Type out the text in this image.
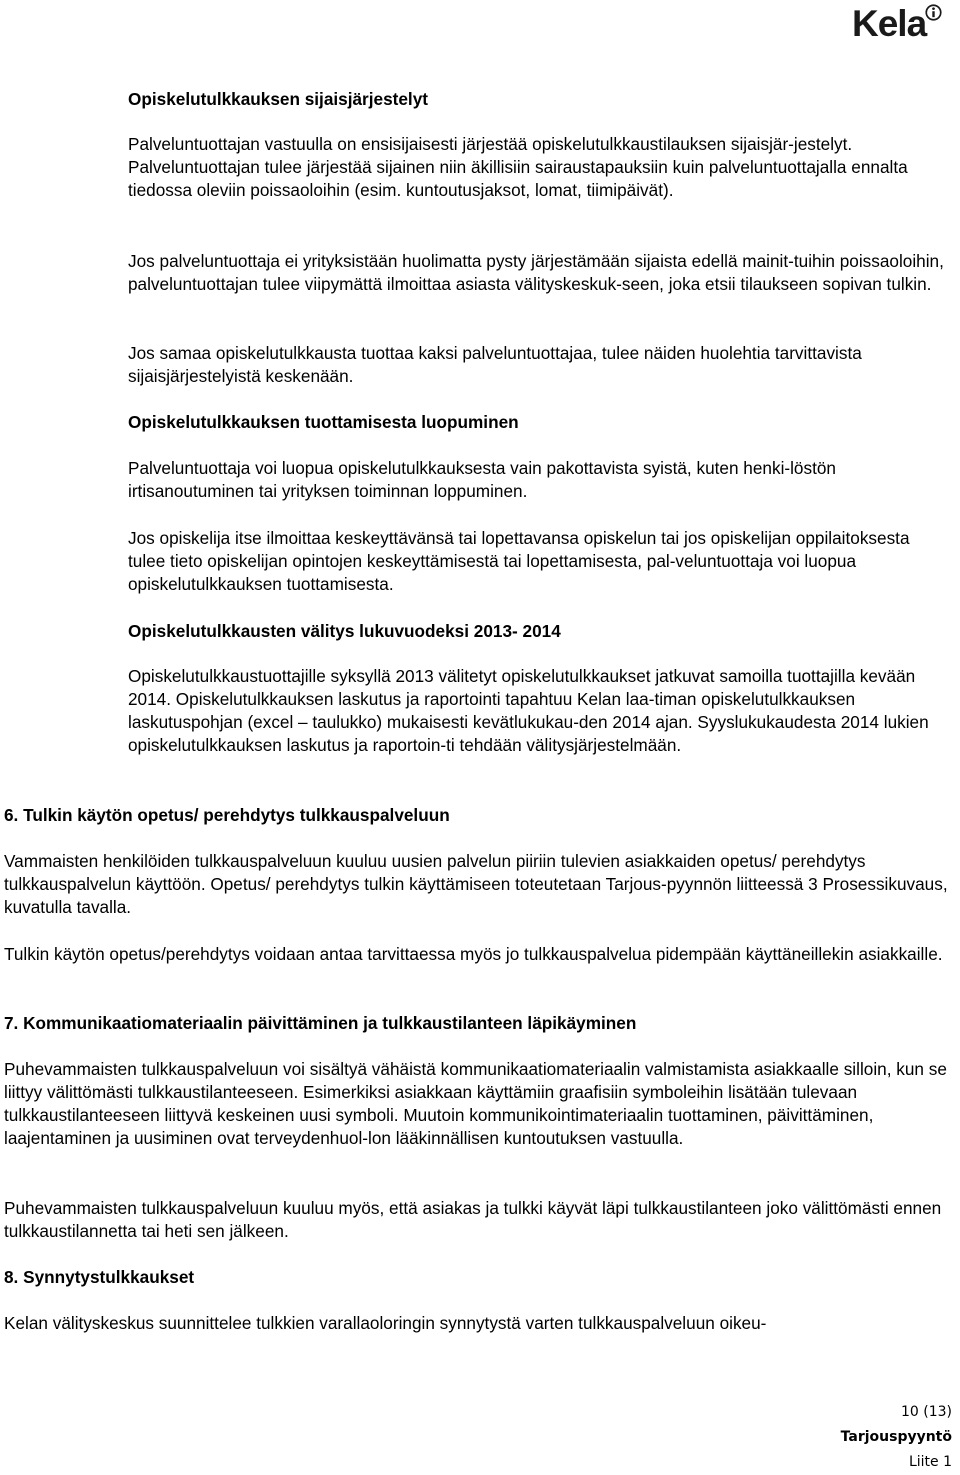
Kela
Opiskelutulkkauksen sijaisjärjestelyt

Palveluntuottajan vastuulla on ensisijaisesti järjestää opiskelutulkkaustilauksen sijaisjär-jestelyt. Palveluntuottajan tulee järjestää sijainen niin äkillisiin sairaustapauksiin kuin palveluntuottajalla ennalta tiedossa oleviin poissaoloihin (esim. kuntoutusjaksot, lomat, tiimipäivät).

Jos palveluntuottaja ei yrityksistään huolimatta pysty järjestämään sijaista edellä mainit-tuihin poissaoloihin, palveluntuottajan tulee viipymättä ilmoittaa asiasta välityskeskuk-seen, joka etsii tilaukseen sopivan tulkin.

Jos samaa opiskelutulkkausta tuottaa kaksi palveluntuottajaa, tulee näiden huolehtia tarvittavista sijaisjärjestelyistä keskenään.

Opiskelutulkkauksen tuottamisesta luopuminen

Palveluntuottaja voi luopua opiskelutulkkauksesta vain pakottavista syistä, kuten henki-löstön irtisanoutuminen tai yrityksen toiminnan loppuminen.

Jos opiskelija itse ilmoittaa keskeyttävänsä tai lopettavansa opiskelun tai jos opiskelijan oppilaitoksesta tulee tieto opiskelijan opintojen keskeyttämisestä tai lopettamisesta, pal-veluntuottaja voi luopua opiskelutulkkauksen tuottamisesta.

Opiskelutulkkausten välitys lukuvuodeksi 2013- 2014

Opiskelutulkkaustuottajille syksyllä 2013 välitetyt opiskelutulkkaukset jatkuvat samoilla tuottajilla kevään 2014. Opiskelutulkkauksen laskutus ja raportointi tapahtuu Kelan laa-timan opiskelutulkkauksen laskutuspohjan (excel – taulukko) mukaisesti kevätlukukau-den 2014 ajan. Syyslukukaudesta 2014 lukien opiskelutulkkauksen laskutus ja raportoin-ti tehdään välitysjärjestelmään.

6. Tulkin käytön opetus/ perehdytys tulkkauspalveluun

Vammaisten henkilöiden tulkkauspalveluun kuuluu uusien palvelun piiriin tulevien asiakkaiden opetus/ perehdytys tulkkauspalvelun käyttöön. Opetus/ perehdytys tulkin käyttämiseen toteutetaan Tarjous-pyynnön liitteessä 3 Prosessikuvaus, kuvatulla tavalla.

Tulkin käytön opetus/perehdytys voidaan antaa tarvittaessa myös jo tulkkauspalvelua pidempään käyttäneillekin asiakkaille.

7. Kommunikaatiomateriaalin päivittäminen ja tulkkaustilanteen läpikäyminen

Puhevammaisten tulkkauspalveluun voi sisältyä vähäistä kommunikaatiomateriaalin valmistamista asiakkaalle silloin, kun se liittyy välittömästi tulkkaustilanteeseen. Esimerkiksi asiakkaan käyttämiin graafisiin symboleihin lisätään tulevaan tulkkaustilanteeseen liittyvä keskeinen uusi symboli. Muutoin kommunikointimateriaalin tuottaminen, päivittäminen, laajentaminen ja uusiminen ovat terveydenhuol-lon lääkinnällisen kuntoutuksen vastuulla.

Puhevammaisten tulkkauspalveluun kuuluu myös, että asiakas ja tulkki käyvät läpi tulkkaustilanteen joko välittömästi ennen tulkkaustilannetta tai heti sen jälkeen.

8. Synnytystulkkaukset

Kelan välityskeskus suunnittelee tulkkien varallaoloringin synnytystä varten tulkkauspalveluun oikeu-

10 (13)
Tarjouspyyntö
Liite 1
